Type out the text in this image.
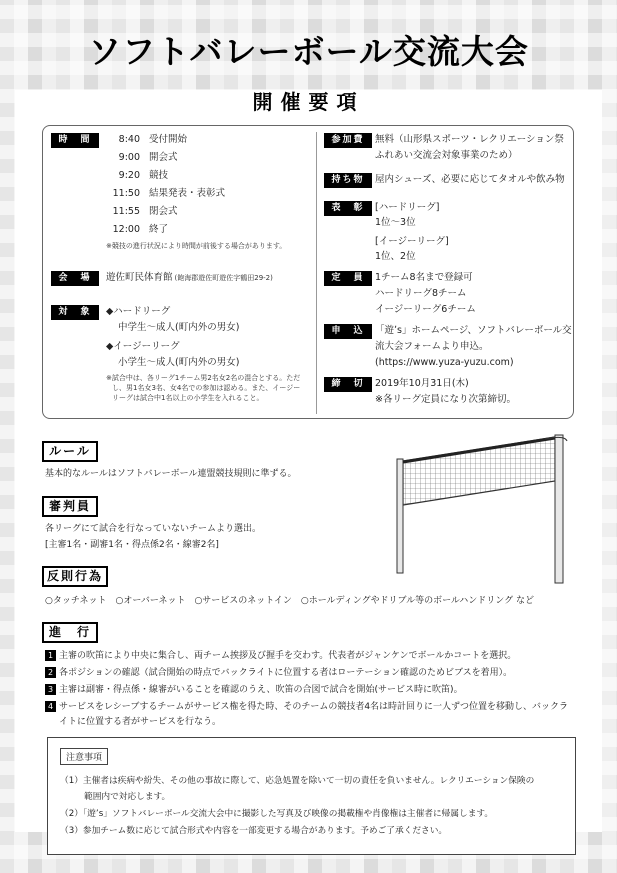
ソフトバレーボール交流大会
開催要項
時　間	8:40 受付開始
9:00 開会式
9:20 競技
11:50 結果発表・表彰式
11:55 閉会式
12:00 終了
※競技の進行状況により時間が前後する場合があります。
会　場	遊佐町民体育館 (飽海郡遊佐町遊佐字鶴田29-2)
対　象	◆ハードリーグ
中学生～成人(町内外の男女)
◆イージーリーグ
小学生～成人(町内外の男女)
※試合中は、各リーグ1チーム男2名女2名の混合とする。ただ
し、男1名女3名、女4名での参加は認める。また、イージー
リーグは試合中1名以上の小学生を入れること。
参加費	無料（山形県スポーツ・レクリエーション祭
ふれあい交流会対象事業のため）
持ち物	屋内シューズ、必要に応じてタオルや飲み物
表　彰	[ハードリーグ]
1位～3位
[イージーリーグ]
1位、2位
定　員	1チーム8名まで登録可
ハードリーグ8チーム
イージーリーグ6チーム
申　込	「遊ʼs」ホームページ、ソフトバレーボール交
流大会フォームより申込。
(https://www.yuza-yuzu.com)
締　切	2019年10月31日(木)
※各リーグ定員になり次第締切。
ルール
基本的なルールはソフトバレーボール連盟競技規則に準ずる。
審判員
各リーグにて試合を行なっていないチームより選出。
[主審1名・副審1名・得点係2名・線審2名]
反則行為
○タッチネット　○オーバーネット　○サービスのネットイン　○ホールディングやドリブル等のボールハンドリング など
進　行
1 主審の吹笛により中央に集合し、両チーム挨拶及び握手を交わす。代表者がジャンケンでボールかコートを選択。
2 各ポジションの確認（試合開始の時点でバックライトに位置する者はローテーション確認のためビブスを着用）。
3 主審は副審・得点係・線審がいることを確認のうえ、吹笛の合図で試合を開始(サービス時に吹笛)。
4 サービスをレシーブするチームがサービス権を得た時、そのチームの競技者4名は時計回りに一人ずつ位置を移動し、バックラ
イトに位置する者がサービスを行なう。
注意事項
（1）主催者は疾病や紛失、その他の事故に際して、応急処置を除いて一切の責任を負いません。レクリエーション保険の
範囲内で対応します。
（2）「遊ʼs」ソフトバレーボール交流大会中に撮影した写真及び映像の掲載権や肖像権は主催者に帰属します。
（3）参加チーム数に応じて試合形式や内容を一部変更する場合があります。予めご了承ください。
